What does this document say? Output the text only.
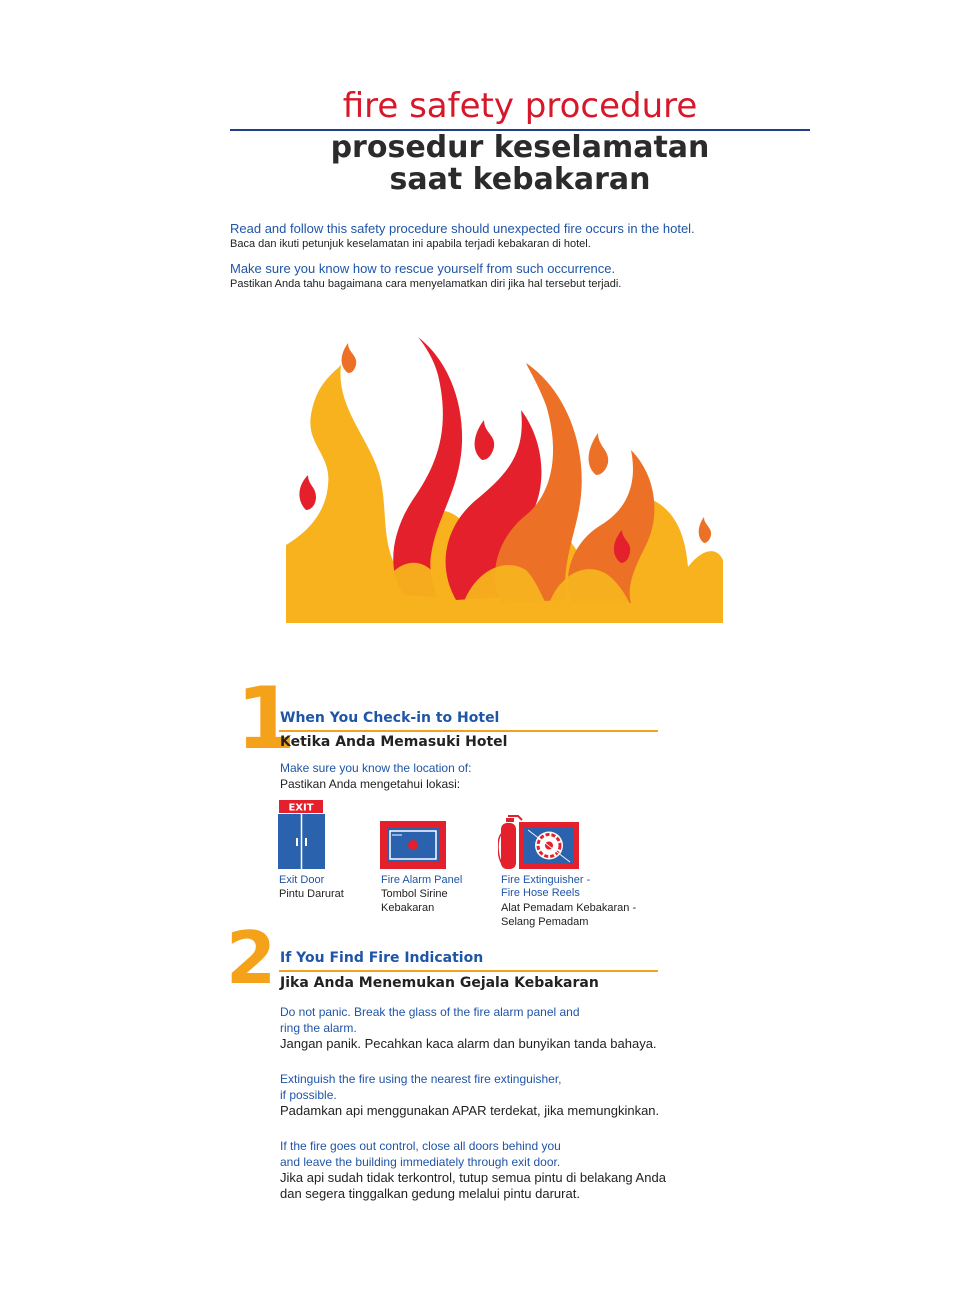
fire safety procedure
prosedur keselamatan
saat kebakaran
Read and follow this safety procedure should unexpected fire occurs in the hotel.
Baca dan ikuti petunjuk keselamatan ini apabila terjadi kebakaran di hotel.
Make sure you know how to rescue yourself from such occurrence.
Pastikan Anda tahu bagaimana cara menyelamatkan diri jika hal tersebut terjadi.
1
When You Check-in to Hotel
Ketika Anda Memasuki Hotel
Make sure you know the location of:
Pastikan Anda mengetahui lokasi:
EXIT
Exit Door
Pintu Darurat
Fire Alarm Panel
Tombol Sirine
Kebakaran
Fire Extinguisher -
Fire Hose Reels
Alat Pemadam Kebakaran -
Selang Pemadam
2 If You Find Fire Indication
Jika Anda Menemukan Gejala Kebakaran
Do not panic. Break the glass of the fire alarm panel and
ring the alarm.
Jangan panik. Pecahkan kaca alarm dan bunyikan tanda bahaya.
Extinguish the fire using the nearest fire extinguisher,
if possible.
Padamkan api menggunakan APAR terdekat, jika memungkinkan.
If the fire goes out control, close all doors behind you
and leave the building immediately through exit door.
Jika api sudah tidak terkontrol, tutup semua pintu di belakang Anda
dan segera tinggalkan gedung melalui pintu darurat.
